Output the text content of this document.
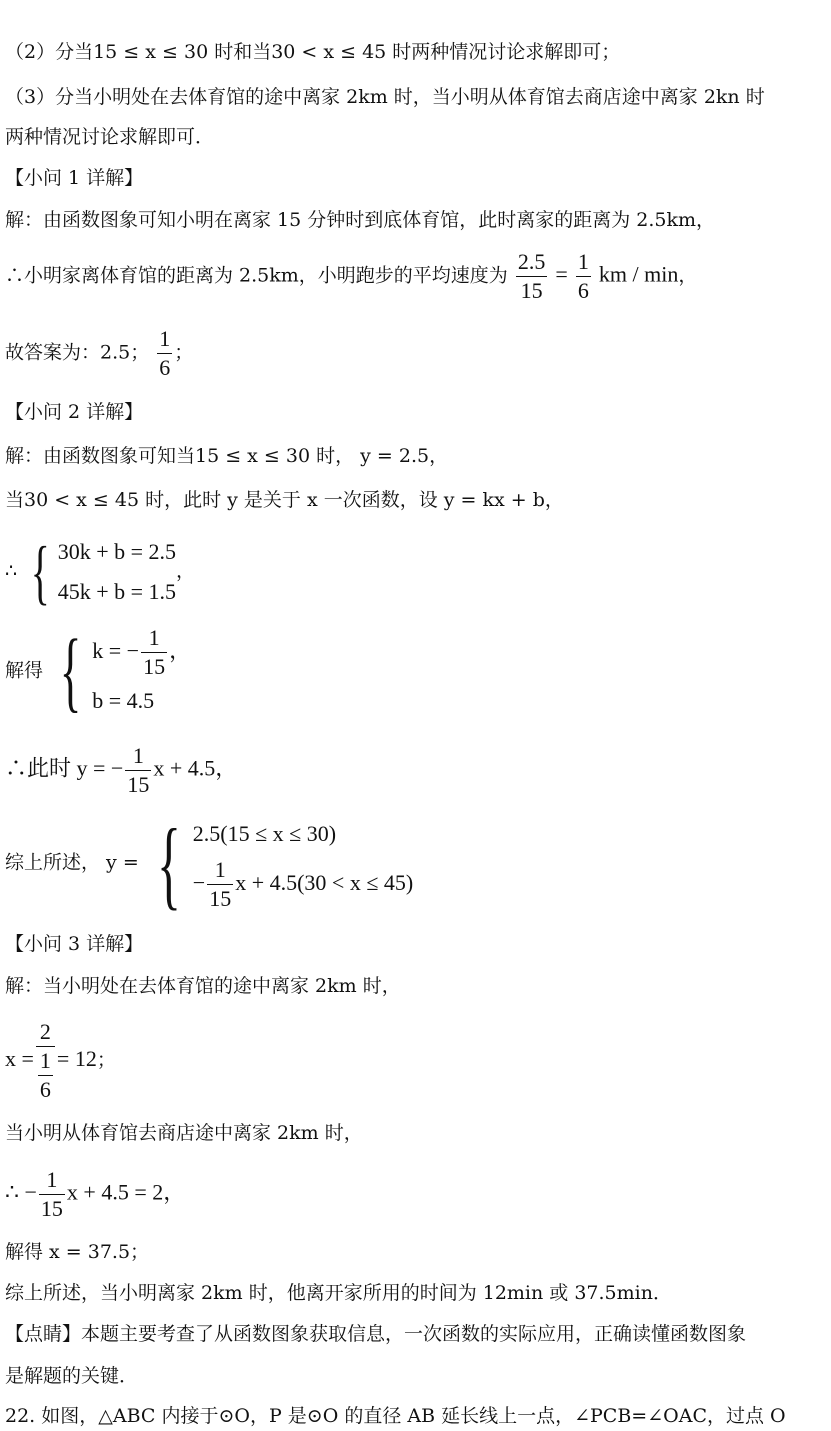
（2）分当15 ≤ x ≤ 30 时和当30 < x ≤ 45 时两种情况讨论求解即可；
（3）分当小明处在去体育馆的途中离家 2km 时，当小明从体育馆去商店途中离家 2kn 时
两种情况讨论求解即可．
【小问 1 详解】
解：由函数图象可知小明在离家 15 分钟时到底体育馆，此时离家的距离为 2.5km，
∴小明家离体育馆的距离为 2.5km，小明跑步的平均速度为 $\frac{2.5}{15} = \frac{1}{6}$ km / min，
故答案为：2.5； $\frac{1}{6}$ ；
【小问 2 详解】
解：由函数图象可知当15 ≤ x ≤ 30 时， y = 2.5，
当30 < x ≤ 45 时，此时 y 是关于 x 一次函数，设 y = kx + b，
∴ { 30k + b = 2.5
45k + b = 1.5
，
解得 { k = − $\frac{1}{15}$ ，
b = 4.5
∴此时 y = − $\frac{1}{15}$ x + 4.5，
综上所述， y = { 2.5(15 ≤ x ≤ 30)
− $\frac{1}{15}$ x + 4.5(30 < x ≤ 45)
【小问 3 详解】
解：当小明处在去体育馆的途中离家 2km 时，
$x = \frac{2}{\frac{1}{6}} = 12$；
当小明从体育馆去商店途中离家 2km 时，
∴ − $\frac{1}{15}$ x + 4.5 = 2，
解得 x = 37.5；
综上所述，当小明离家 2km 时，他离开家所用的时间为 12min 或 37.5min．
【点睛】本题主要考查了从函数图象获取信息，一次函数的实际应用，正确读懂函数图象
是解题的关键．
22. 如图，△ABC 内接于⊙O，P 是⊙O 的直径 AB 延长线上一点，∠PCB=∠OAC，过点 O
